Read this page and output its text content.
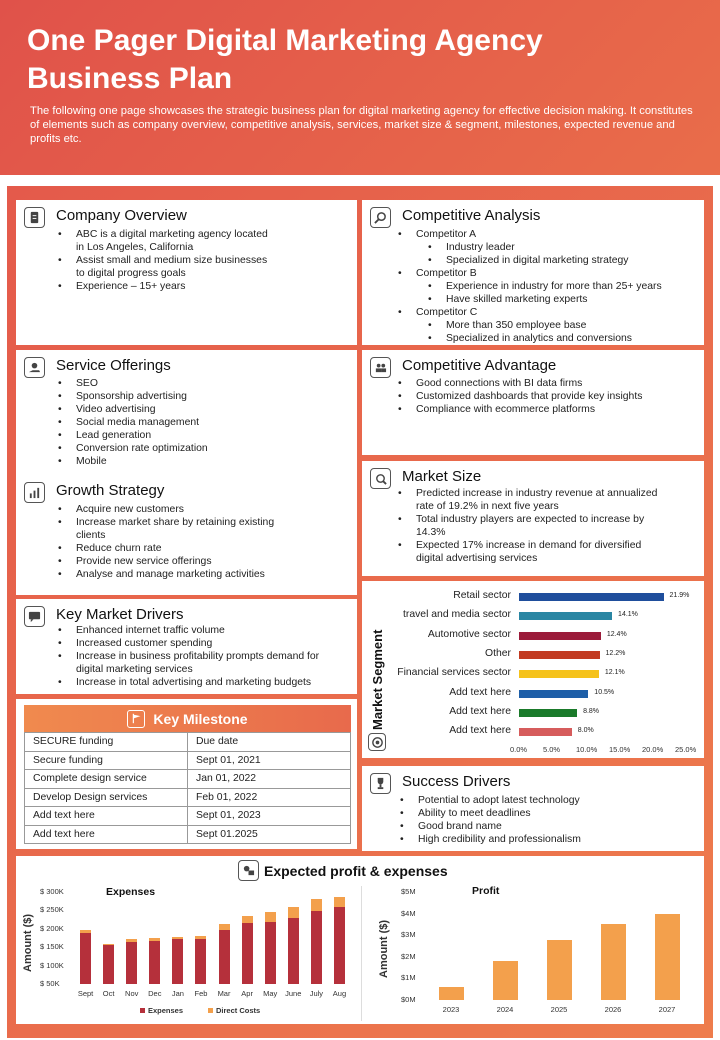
One Pager Digital Marketing Agency Business Plan
The following one page showcases the strategic business plan for digital marketing agency for effective decision making. It constitutes of elements such as company overview, competitive analysis, services, market size & segment, milestones, expected revenue and profits etc.
Company Overview
• ABC is a digital marketing agency located in Los Angeles, California
• Assist small and medium size businesses to digital progress goals
• Experience – 15+ years
Competitive Analysis
• Competitor A
• Industry leader
• Specialized in digital marketing strategy
• Competitor B
• Experience in industry for more than 25+ years
• Have skilled marketing experts
• Competitor C
• More than 350 employee base
• Specialized in analytics and conversions
Service Offerings
• SEO
• Sponsorship advertising
• Video advertising
• Social media management
• Lead generation
• Conversion rate optimization
• Mobile
Competitive Advantage
• Good connections with BI data firms
• Customized dashboards that provide key insights
• Compliance with ecommerce platforms
Growth Strategy
• Acquire new customers
• Increase market share by retaining existing clients
• Reduce churn rate
• Provide new service offerings
• Analyse and manage marketing activities
Market Size
• Predicted increase in industry revenue at annualized rate of 19.2% in next five years
• Total industry players are expected to increase by 14.3%
• Expected 17% increase in demand for diversified digital advertising services
Key Market Drivers
• Enhanced internet traffic volume
• Increased customer spending
• Increase in business profitability prompts demand for digital marketing services
• Increase in total advertising and marketing budgets
Key Milestone
SECURE funding	Due date
Secure funding	Sept 01, 2021
Complete design service	Jan 01, 2022
Develop Design services	Feb 01, 2022
Add text here	Sept 01, 2023
Add text here	Sept 01.2025
Market Segment
Retail sector	21.9%
travel and media sector	14.1%
Automotive sector	12.4%
Other	12.2%
Financial services sector	12.1%
Add text here	10.5%
Add text here	8.8%
Add text here	8.0%
0.0% 5.0% 10.0% 15.0% 20.0% 25.0%
Success Drivers
• Potential to adopt latest technology
• Ability to meet deadlines
• Good brand name
• High credibility and professionalism
Expected profit & expenses
Expenses
Amount ($)
$ 50K
$ 100K
$ 150K
$ 200K
$ 250K
$ 300K
Sept	Oct	Nov	Dec	Jan	Feb	Mar	Apr	May	June	July	Aug
Expenses	Direct Costs
Profit
Amount ($)
$0M
$1M
$2M
$3M
$4M
$5M
2023	2024	2025	2026	2027
